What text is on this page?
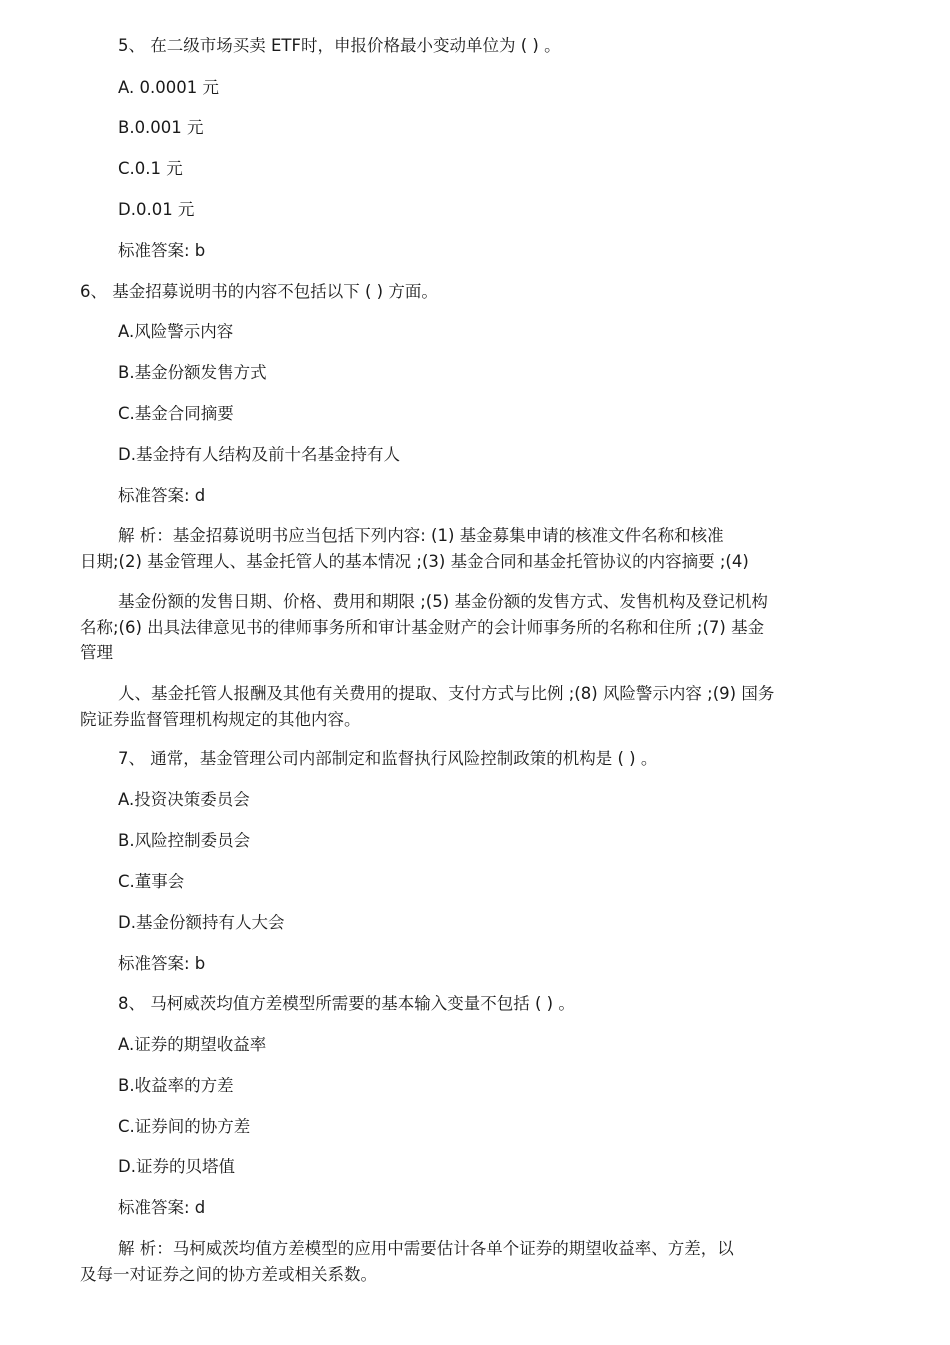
5、 在二级市场买卖 ETF时，申报价格最小变动单位为 ( ) 。
A. 0.0001 元
B.0.001 元
C.0.1 元
D.0.01 元
标准答案: b
6、 基金招募说明书的内容不包括以下 ( ) 方面。
A.风险警示内容
B.基金份额发售方式
C.基金合同摘要
D.基金持有人结构及前十名基金持有人
标准答案: d
解 析：基金招募说明书应当包括下列内容: (1) 基金募集申请的核准文件名称和核准
日期;(2) 基金管理人、基金托管人的基本情况 ;(3) 基金合同和基金托管协议的内容摘要 ;(4)
基金份额的发售日期、价格、费用和期限 ;(5) 基金份额的发售方式、发售机构及登记机构
名称;(6) 出具法律意见书的律师事务所和审计基金财产的会计师事务所的名称和住所 ;(7) 基金
管理
人、基金托管人报酬及其他有关费用的提取、支付方式与比例 ;(8) 风险警示内容 ;(9) 国务
院证券监督管理机构规定的其他内容。
7、 通常，基金管理公司内部制定和监督执行风险控制政策的机构是 ( ) 。
A.投资决策委员会
B.风险控制委员会
C.董事会
D.基金份额持有人大会
标准答案: b
8、 马柯威茨均值方差模型所需要的基本输入变量不包括 ( ) 。
A.证券的期望收益率
B.收益率的方差
C.证券间的协方差
D.证券的贝塔值
标准答案: d
解 析：马柯威茨均值方差模型的应用中需要估计各单个证券的期望收益率、方差，以
及每一对证券之间的协方差或相关系数。
